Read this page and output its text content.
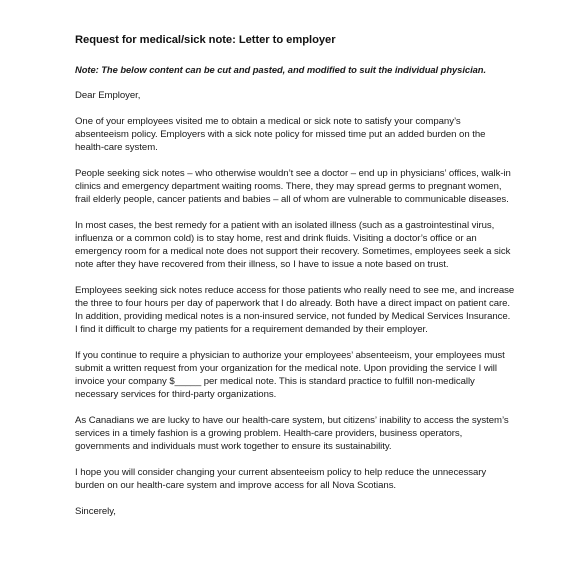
Request for medical/sick note: Letter to employer
Note: The below content can be cut and pasted, and modified to suit the individual physician.
Dear Employer,
One of your employees visited me to obtain a medical or sick note to satisfy your company’s absenteeism policy. Employers with a sick note policy for missed time put an added burden on the health-care system.
People seeking sick notes – who otherwise wouldn’t see a doctor – end up in physicians’ offices, walk-in clinics and emergency department waiting rooms. There, they may spread germs to pregnant women, frail elderly people, cancer patients and babies – all of whom are vulnerable to communicable diseases.
In most cases, the best remedy for a patient with an isolated illness (such as a gastrointestinal virus, influenza or a common cold) is to stay home, rest and drink fluids. Visiting a doctor’s office or an emergency room for a medical note does not support their recovery. Sometimes, employees seek a sick note after they have recovered from their illness, so I have to issue a note based on trust.
Employees seeking sick notes reduce access for those patients who really need to see me, and increase the three to four hours per day of paperwork that I do already. Both have a direct impact on patient care. In addition, providing medical notes is a non-insured service, not funded by Medical Services Insurance. I find it difficult to charge my patients for a requirement demanded by their employer.
If you continue to require a physician to authorize your employees’ absenteeism, your employees must submit a written request from your organization for the medical note. Upon providing the service I will invoice your company $_____ per medical note. This is standard practice to fulfill non-medically necessary services for third-party organizations.
As Canadians we are lucky to have our health-care system, but citizens’ inability to access the system’s services in a timely fashion is a growing problem. Health-care providers, business operators, governments and individuals must work together to ensure its sustainability.
I hope you will consider changing your current absenteeism policy to help reduce the unnecessary burden on our health-care system and improve access for all Nova Scotians.
Sincerely,
